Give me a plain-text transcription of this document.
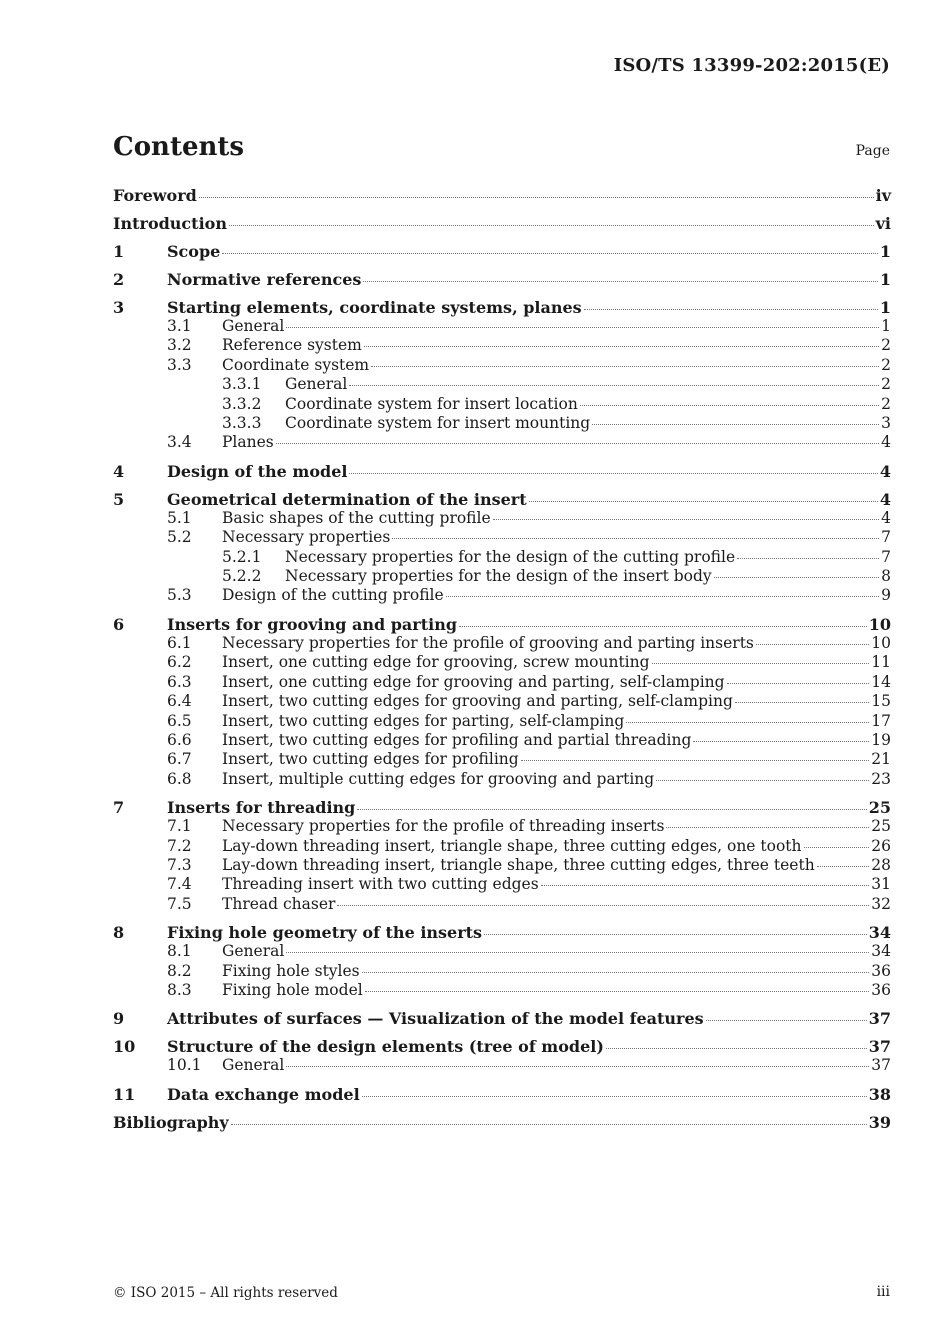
ISO/TS 13399-202:2015(E)
Contents	Page
Foreword	iv
Introduction	vi
1	Scope	1
2	Normative references	1
3	Starting elements, coordinate systems, planes	1
3.1	General	1
3.2	Reference system	2
3.3	Coordinate system	2
3.3.1	General	2
3.3.2	Coordinate system for insert location	2
3.3.3	Coordinate system for insert mounting	3
3.4	Planes	4
4	Design of the model	4
5	Geometrical determination of the insert	4
5.1	Basic shapes of the cutting profile	4
5.2	Necessary properties	7
5.2.1	Necessary properties for the design of the cutting profile	7
5.2.2	Necessary properties for the design of the insert body	8
5.3	Design of the cutting profile	9
6	Inserts for grooving and parting	10
6.1	Necessary properties for the profile of grooving and parting inserts	10
6.2	Insert, one cutting edge for grooving, screw mounting	11
6.3	Insert, one cutting edge for grooving and parting, self-clamping	14
6.4	Insert, two cutting edges for grooving and parting, self-clamping	15
6.5	Insert, two cutting edges for parting, self-clamping	17
6.6	Insert, two cutting edges for profiling and partial threading	19
6.7	Insert, two cutting edges for profiling	21
6.8	Insert, multiple cutting edges for grooving and parting	23
7	Inserts for threading	25
7.1	Necessary properties for the profile of threading inserts	25
7.2	Lay-down threading insert, triangle shape, three cutting edges, one tooth	26
7.3	Lay-down threading insert, triangle shape, three cutting edges, three teeth	28
7.4	Threading insert with two cutting edges	31
7.5	Thread chaser	32
8	Fixing hole geometry of the inserts	34
8.1	General	34
8.2	Fixing hole styles	36
8.3	Fixing hole model	36
9	Attributes of surfaces — Visualization of the model features	37
10	Structure of the design elements (tree of model)	37
10.1	General	37
11	Data exchange model	38
Bibliography	39
© ISO 2015 – All rights reserved	iii
